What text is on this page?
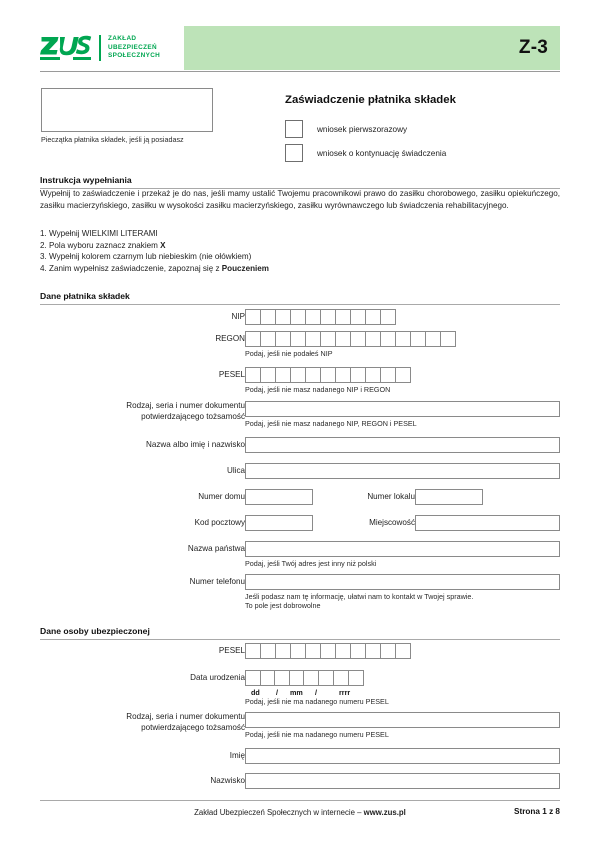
ZAKŁAD
UBEZPIECZEŃ
SPOŁECZNYCH	Z-3
Pieczątka płatnika składek, jeśli ją posiadasz
Zaświadczenie płatnika składek
wniosek pierwszorazowy
wniosek o kontynuację świadczenia
Instrukcja wypełniania
Wypełnij to zaświadczenie i przekaż je do nas, jeśli mamy ustalić Twojemu pracownikowi prawo do zasiłku chorobowego, zasiłku opiekuńczego, zasiłku macierzyńskiego, zasiłku w wysokości zasiłku macierzyńskiego, zasiłku wyrównawczego lub świadczenia rehabilitacyjnego.
1. Wypełnij WIELKIMI LITERAMI
2. Pola wyboru zaznacz znakiem X
3. Wypełnij kolorem czarnym lub niebieskim (nie ołówkiem)
4. Zanim wypełnisz zaświadczenie, zapoznaj się z Pouczeniem
Dane płatnika składek
NIP
REGON
Podaj, jeśli nie podałeś NIP
PESEL
Podaj, jeśli nie masz nadanego NIP i REGON
Rodzaj, seria i numer dokumentu
potwierdzającego tożsamość
Podaj, jeśli nie masz nadanego NIP, REGON i PESEL
Nazwa albo imię i nazwisko
Ulica
Numer domu	Numer lokalu
Kod pocztowy	Miejscowość
Nazwa państwa
Podaj, jeśli Twój adres jest inny niż polski
Numer telefonu
Jeśli podasz nam tę informację, ułatwi nam to kontakt w Twojej sprawie.
To pole jest dobrowolne
Dane osoby ubezpieczonej
PESEL
Data urodzenia
dd / mm /	rrrr
Podaj, jeśli nie ma nadanego numeru PESEL
Rodzaj, seria i numer dokumentu
potwierdzającego tożsamość
Podaj, jeśli nie ma nadanego numeru PESEL
Imię
Nazwisko
Zakład Ubezpieczeń Społecznych w internecie – www.zus.pl	Strona 1 z 8
